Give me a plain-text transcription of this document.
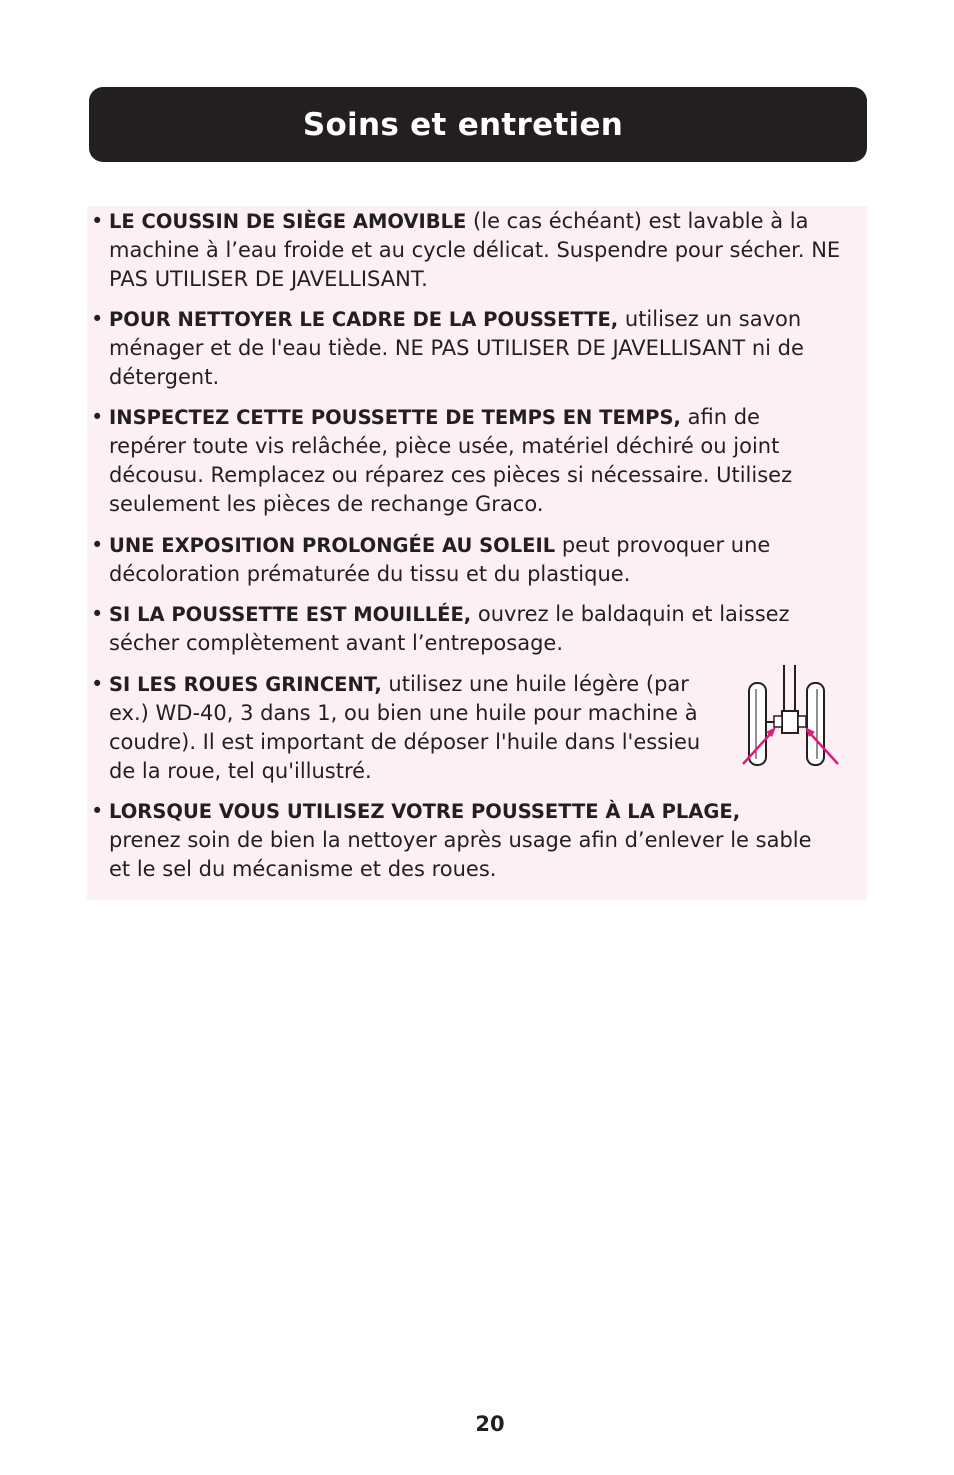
Soins et entretien
• LE COUSSIN DE SIÈGE AMOVIBLE (le cas échéant) est lavable à la
machine à l’eau froide et au cycle délicat. Suspendre pour sécher. NE
PAS UTILISER DE JAVELLISANT.
• POUR NETTOYER LE CADRE DE LA POUSSETTE, utilisez un savon
ménager et de l'eau tiède. NE PAS UTILISER DE JAVELLISANT ni de
détergent.
• INSPECTEZ CETTE POUSSETTE DE TEMPS EN TEMPS, afin de
repérer toute vis relâchée, pièce usée, matériel déchiré ou joint
décousu. Remplacez ou réparez ces pièces si nécessaire. Utilisez
seulement les pièces de rechange Graco.
• UNE EXPOSITION PROLONGÉE AU SOLEIL peut provoquer une
décoloration prématurée du tissu et du plastique.
• SI LA POUSSETTE EST MOUILLÉE, ouvrez le baldaquin et laissez
sécher complètement avant l’entreposage.
• SI LES ROUES GRINCENT, utilisez une huile légère (par
ex.) WD-40, 3 dans 1, ou bien une huile pour machine à
coudre). Il est important de déposer l'huile dans l'essieu
de la roue, tel qu'illustré.
• LORSQUE VOUS UTILISEZ VOTRE POUSSETTE À LA PLAGE,
prenez soin de bien la nettoyer après usage afin d’enlever le sable
et le sel du mécanisme et des roues.
20
